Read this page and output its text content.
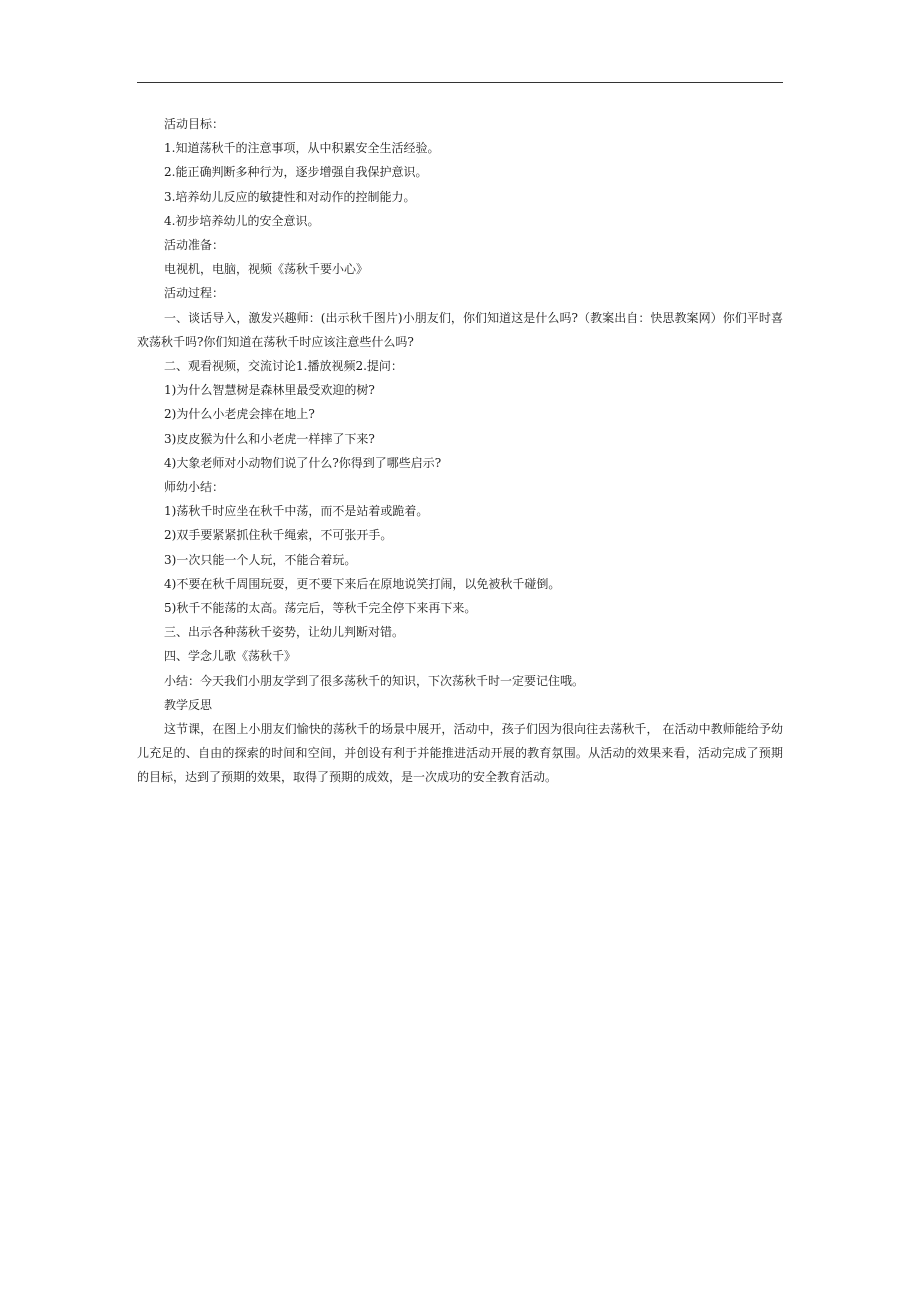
活动目标：

1.知道荡秋千的注意事项，从中积累安全生活经验。

2.能正确判断多种行为，逐步增强自我保护意识。

3.培养幼儿反应的敏捷性和对动作的控制能力。

4.初步培养幼儿的安全意识。

活动准备：

电视机，电脑，视频《荡秋千要小心》

活动过程：

一、谈话导入，激发兴趣师：(出示秋千图片)小朋友们，你们知道这是什么吗?（教案出自：快思教案网）你们平时喜欢荡秋千吗?你们知道在荡秋千时应该注意些什么吗?

二、观看视频，交流讨论1.播放视频2.提问：

1)为什么智慧树是森林里最受欢迎的树?

2)为什么小老虎会摔在地上?

3)皮皮猴为什么和小老虎一样摔了下来?

4)大象老师对小动物们说了什么?你得到了哪些启示?

师幼小结：

1)荡秋千时应坐在秋千中荡，而不是站着或跪着。

2)双手要紧紧抓住秋千绳索，不可张开手。

3)一次只能一个人玩，不能合着玩。

4)不要在秋千周围玩耍，更不要下来后在原地说笑打闹，以免被秋千碰倒。

5)秋千不能荡的太高。荡完后，等秋千完全停下来再下来。

三、出示各种荡秋千姿势，让幼儿判断对错。

四、学念儿歌《荡秋千》

小结：今天我们小朋友学到了很多荡秋千的知识，下次荡秋千时一定要记住哦。

教学反思

这节课，在图上小朋友们愉快的荡秋千的场景中展开，活动中，孩子们因为很向往去荡秋千， 在活动中教师能给予幼儿充足的、自由的探索的时间和空间，并创设有利于并能推进活动开展的教育氛围。从活动的效果来看，活动完成了预期的目标，达到了预期的效果，取得了预期的成效，是一次成功的安全教育活动。
